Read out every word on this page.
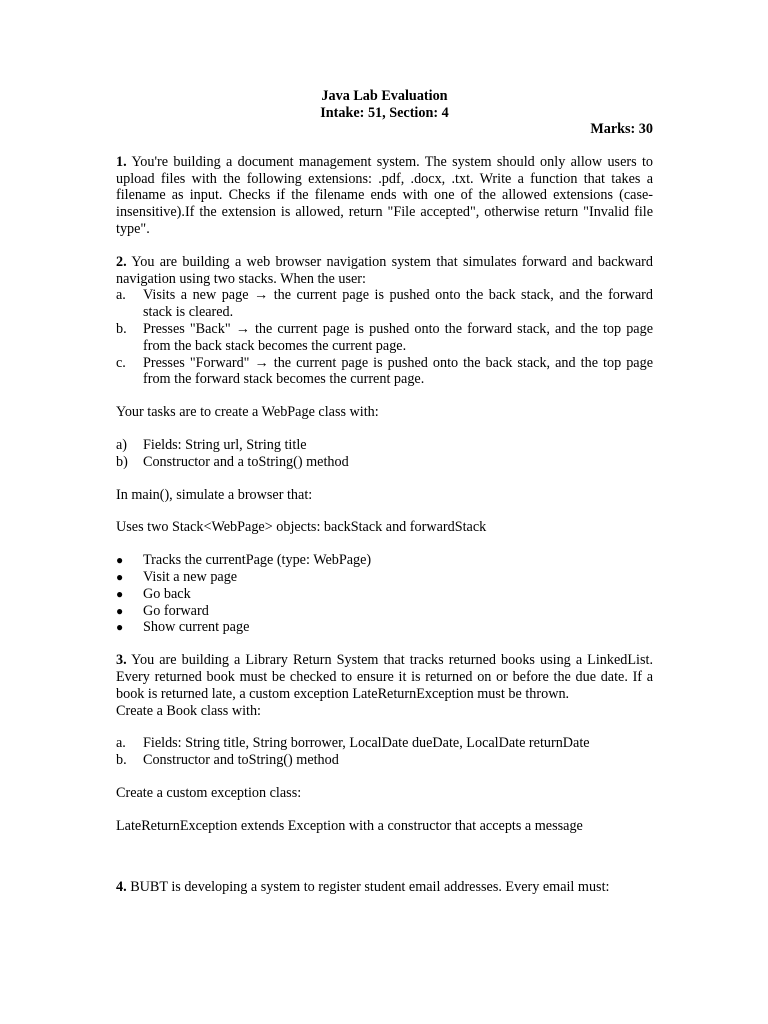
Java Lab Evaluation
Intake: 51, Section: 4
Marks: 30

1. You're building a document management system. The system should only allow users to upload files with the following extensions: .pdf, .docx, .txt. Write a function that takes a filename as input. Checks if the filename ends with one of the allowed extensions (case-insensitive).If the extension is allowed, return "File accepted", otherwise return "Invalid file type".

2. You are building a web browser navigation system that simulates forward and backward navigation using two stacks. When the user:

a.	Visits a new page → the current page is pushed onto the back stack, and the forward stack is cleared.
b.	Presses "Back" → the current page is pushed onto the forward stack, and the top page from the back stack becomes the current page.
c.	Presses "Forward" → the current page is pushed onto the back stack, and the top page from the forward stack becomes the current page.

Your tasks are to create a WebPage class with:

a)	Fields: String url, String title
b)	Constructor and a toString() method

In main(), simulate a browser that:

Uses two Stack<WebPage> objects: backStack and forwardStack

●	Tracks the currentPage (type: WebPage)
●	Visit a new page
●	Go back
●	Go forward
●	Show current page

3. You are building a Library Return System that tracks returned books using a LinkedList. Every returned book must be checked to ensure it is returned on or before the due date. If a book is returned late, a custom exception LateReturnException must be thrown.

Create a Book class with:

a.	Fields: String title, String borrower, LocalDate dueDate, LocalDate returnDate
b.	Constructor and toString() method

Create a custom exception class:

LateReturnException extends Exception with a constructor that accepts a message

4. BUBT is developing a system to register student email addresses. Every email must:
